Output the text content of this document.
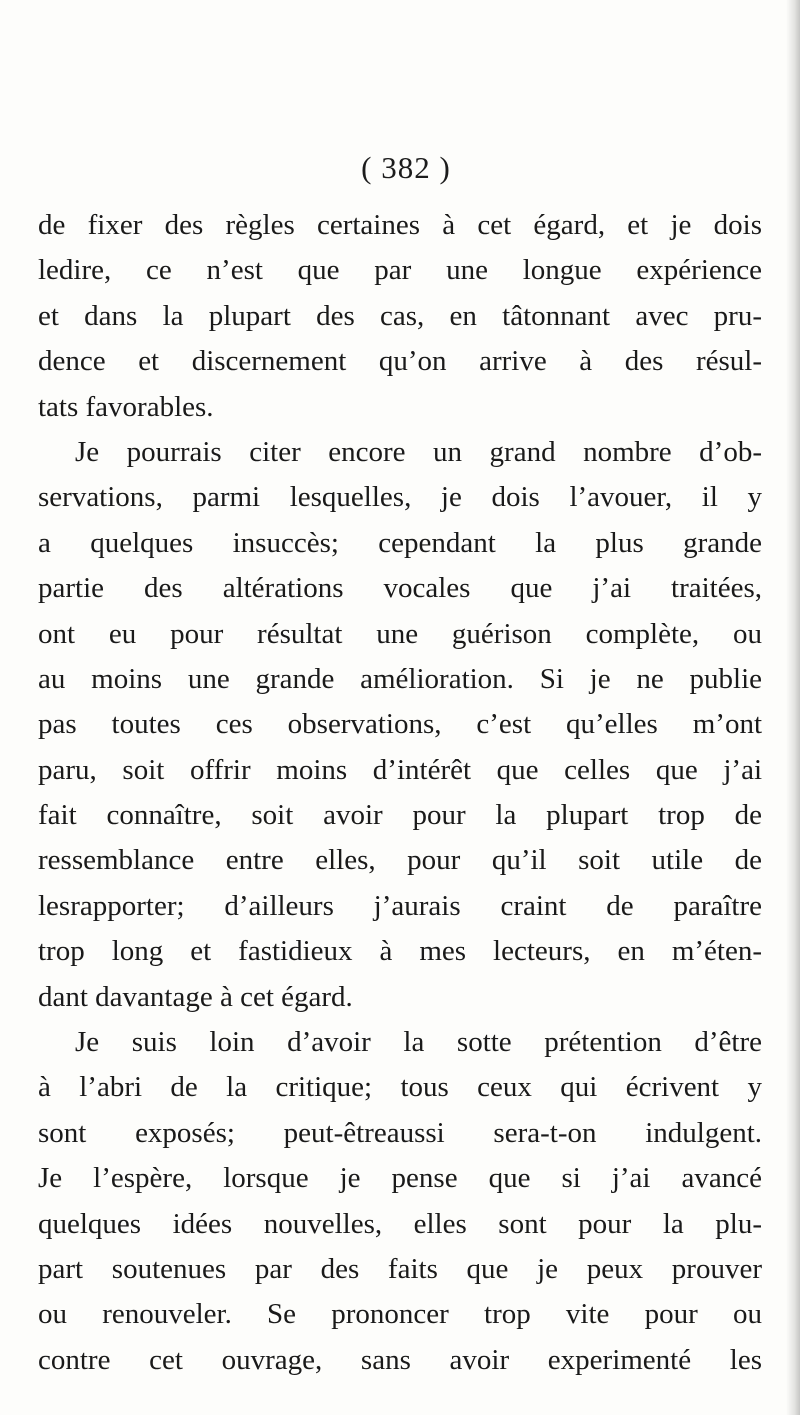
( 382 )
de fixer des règles certaines à cet égard, et je dois
ledire, ce n’est que par une longue expérience
et dans la plupart des cas, en tâtonnant avec pru-
dence et discernement qu’on arrive à des résul-
tats favorables.
Je pourrais citer encore un grand nombre d’ob-
servations, parmi lesquelles, je dois l’avouer, il y
a quelques insuccès; cependant la plus grande
partie des altérations vocales que j’ai traitées,
ont eu pour résultat une guérison complète, ou
au moins une grande amélioration. Si je ne publie
pas toutes ces observations, c’est qu’elles m’ont
paru, soit offrir moins d’intérêt que celles que j’ai
fait connaître, soit avoir pour la plupart trop de
ressemblance entre elles, pour qu’il soit utile de
lesrapporter; d’ailleurs j’aurais craint de paraître
trop long et fastidieux à mes lecteurs, en m’éten-
dant davantage à cet égard.
Je suis loin d’avoir la sotte prétention d’être
à l’abri de la critique; tous ceux qui écrivent y
sont exposés; peut-êtreaussi sera-t-on indulgent.
Je l’espère, lorsque je pense que si j’ai avancé
quelques idées nouvelles, elles sont pour la plu-
part soutenues par des faits que je peux prouver
ou renouveler. Se prononcer trop vite pour ou
contre cet ouvrage, sans avoir experimenté les
